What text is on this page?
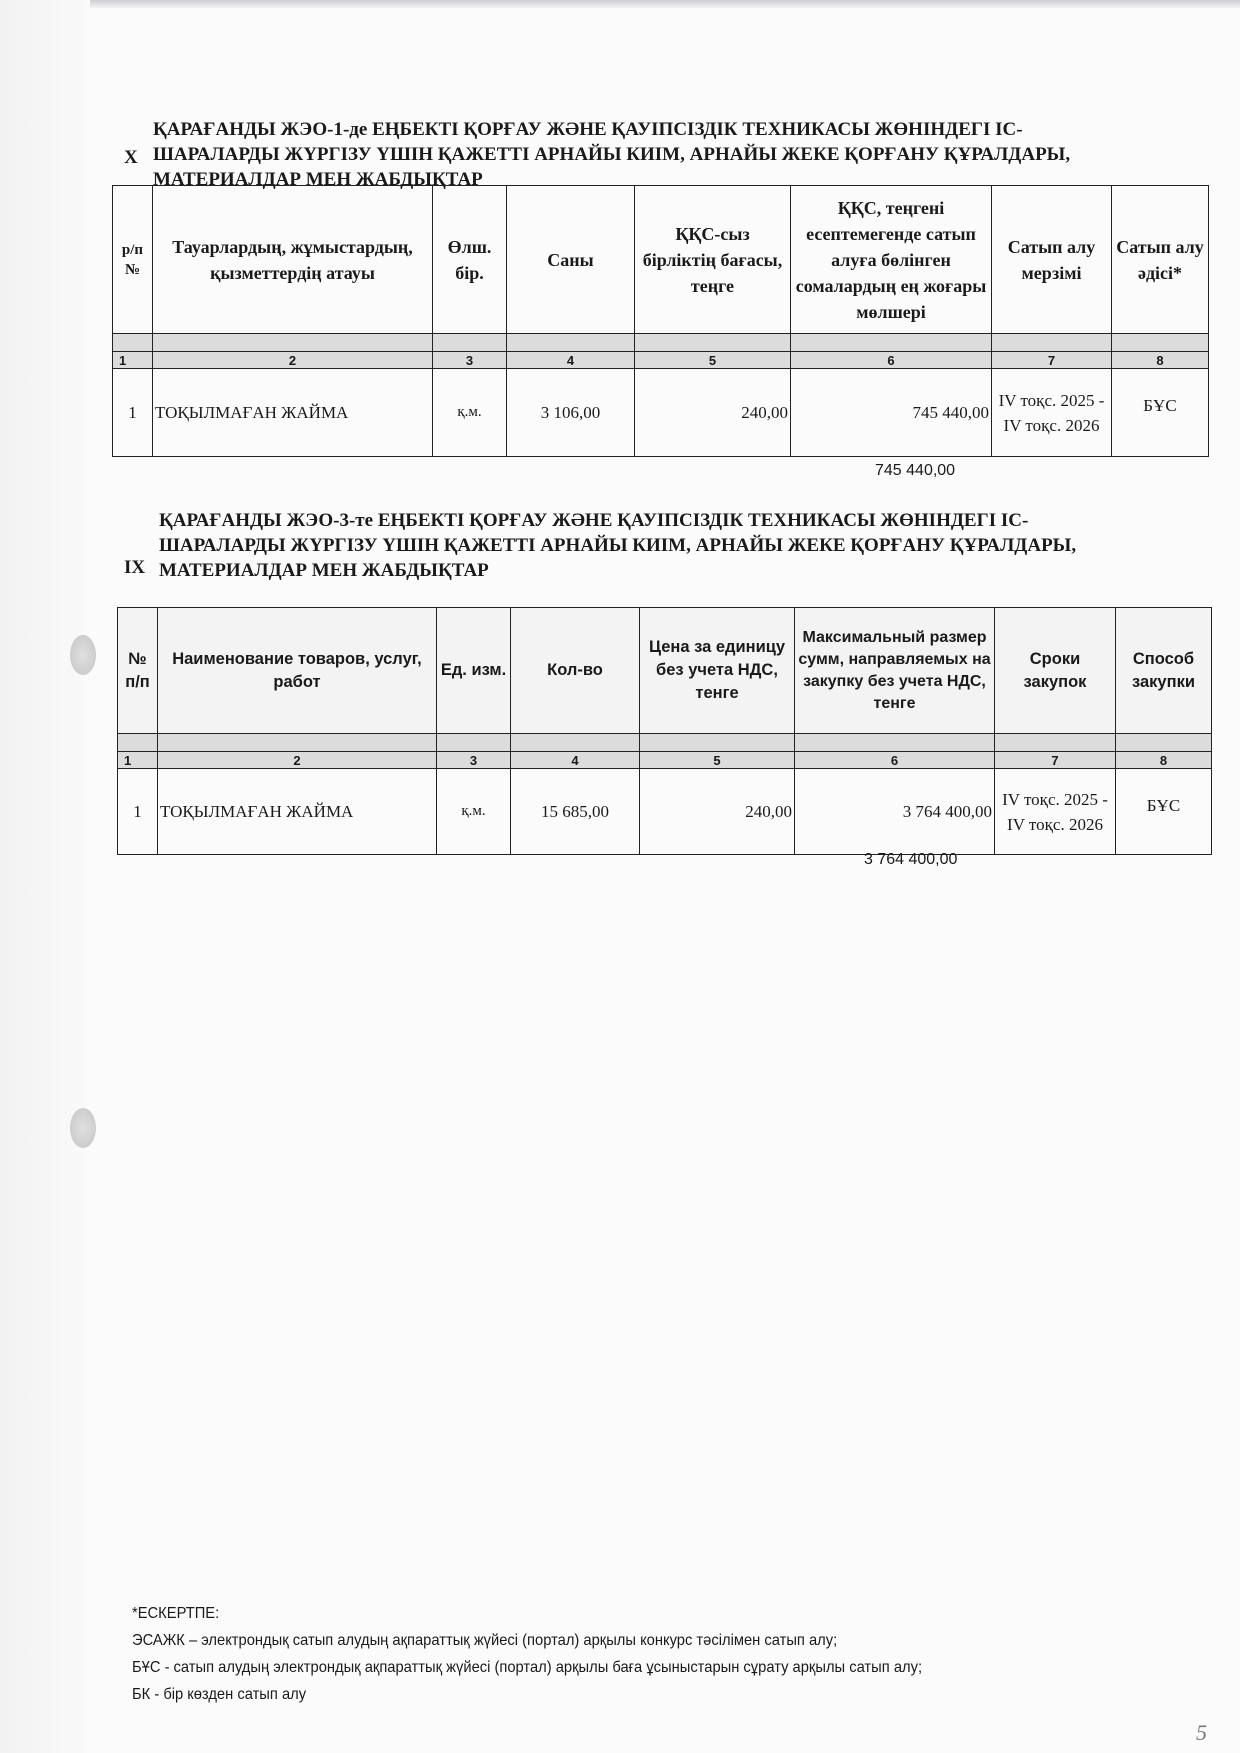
X
ҚАРАҒАНДЫ ЖЭО-1-де ЕҢБЕКТІ ҚОРҒАУ ЖӘНЕ ҚАУІПСІЗДІК ТЕХНИКАСЫ ЖӨНІНДЕГІ ІС-
ШАРАЛАРДЫ ЖҮРГІЗУ ҮШІН ҚАЖЕТТІ АРНАЙЫ КИІМ, АРНАЙЫ ЖЕКЕ ҚОРҒАНУ ҚҰРАЛДАРЫ,
МАТЕРИАЛДАР МЕН ЖАБДЫҚТАР
р/п №	Тауарлардың, жұмыстардың, қызметтердің атауы	Өлш. бір.	Саны	ҚҚС-сыз бірліктің бағасы, теңге	ҚҚС, теңгені есептемегенде сатып алуға бөлінген сомалардың ең жоғары мөлшері	Сатып алу мерзімі	Сатып алу әдісі*

1	2	3	4	5	6	7	8
1	ТОҚЫЛМАҒАН ЖАЙМА	қ.м.	3 106,00	240,00	745 440,00	IV тоқс. 2025 - IV тоқс. 2026	БҰС
745 440,00
IX
ҚАРАҒАНДЫ ЖЭО-3-те ЕҢБЕКТІ ҚОРҒАУ ЖӘНЕ ҚАУІПСІЗДІК ТЕХНИКАСЫ ЖӨНІНДЕГІ ІС-
ШАРАЛАРДЫ ЖҮРГІЗУ ҮШІН ҚАЖЕТТІ АРНАЙЫ КИІМ, АРНАЙЫ ЖЕКЕ ҚОРҒАНУ ҚҰРАЛДАРЫ,
МАТЕРИАЛДАР МЕН ЖАБДЫҚТАР
№ п/п	Наименование товаров, услуг, работ	Ед. изм.	Кол-во	Цена за единицу без учета НДС, тенге	Максимальный размер сумм, направляемых на закупку без учета НДС, тенге	Сроки закупок	Способ закупки

1	2	3	4	5	6	7	8
1	ТОҚЫЛМАҒАН ЖАЙМА	қ.м.	15 685,00	240,00	3 764 400,00	IV тоқс. 2025 - IV тоқс. 2026	БҰС
3 764 400,00
*ЕСКЕРТПЕ:
ЭСАЖК – электрондық сатып алудың ақпараттық жүйесі (портал) арқылы конкурс тәсілімен сатып алу;
БҰС - сатып алудың электрондық ақпараттық жүйесі (портал) арқылы баға ұсыныстарын сұрату арқылы сатып алу;
БК - бір көзден сатып алу
5
